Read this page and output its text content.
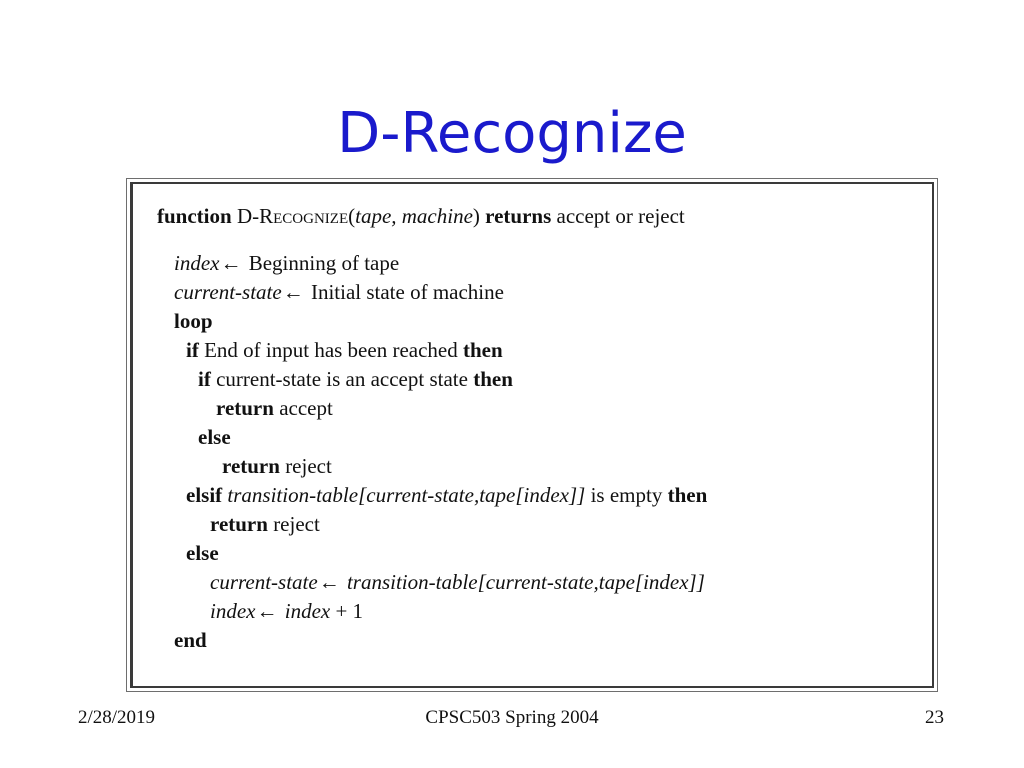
D-Recognize
function D-Recognize(tape, machine) returns accept or reject
index← Beginning of tape
current-state← Initial state of machine
loop
if End of input has been reached then
if current-state is an accept state then
return accept
else
return reject
elsif transition-table[current-state,tape[index]] is empty then
return reject
else
current-state← transition-table[current-state,tape[index]]
index← index + 1
end
2/28/2019	CPSC503 Spring 2004	23
